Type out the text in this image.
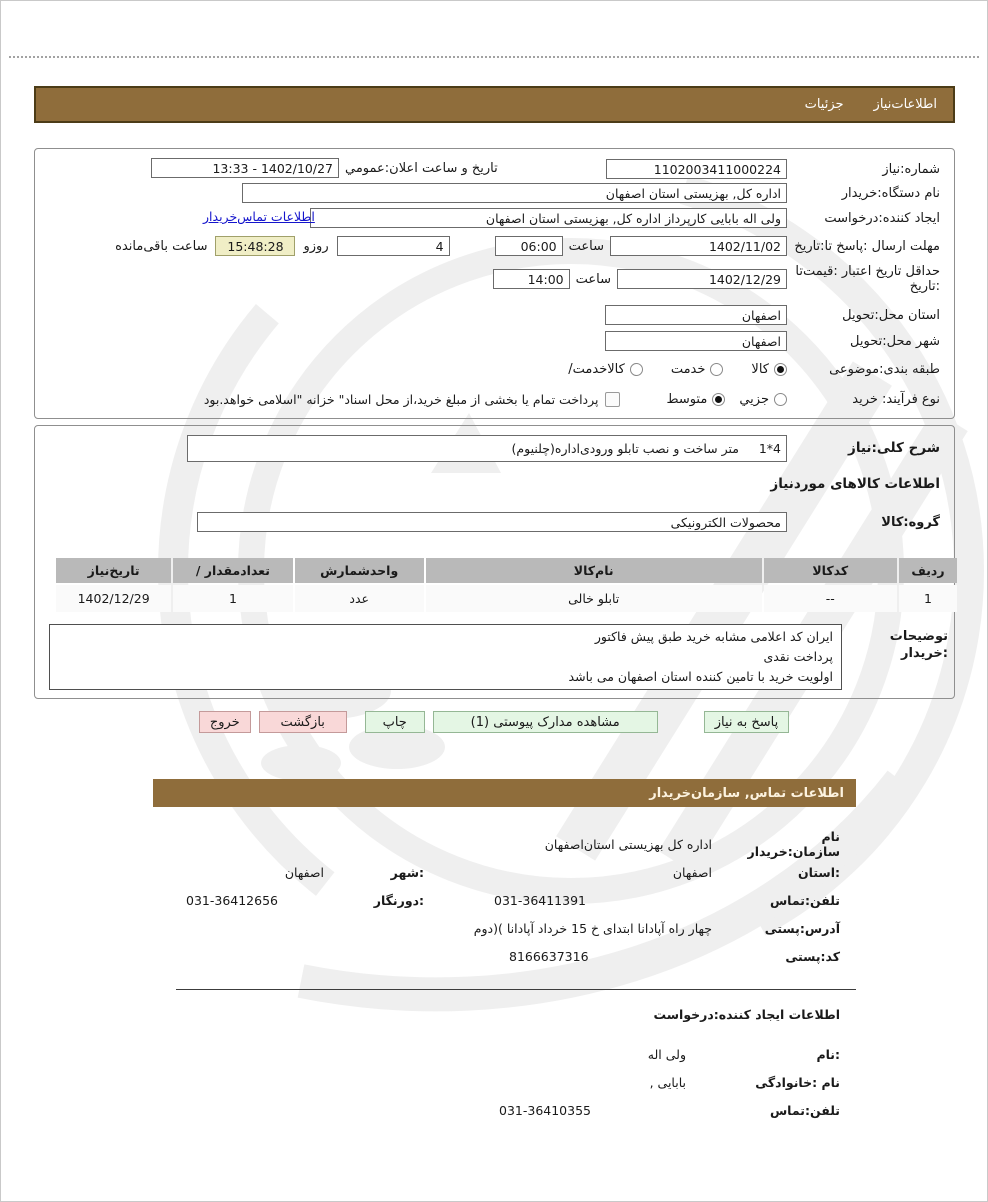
اطلاعات‌نیاز
جزئیات
شماره:نیاز
1102003411000224
تاریخ و ساعت اعلان:عمومي
1402/10/27 - 13:33
نام دستگاه:خریدار
اداره کل, بهزیستی استان اصفهان
ایجاد کننده:درخواست
ولی اله بابایی کارپرداز اداره کل, بهزیستی استان اصفهان
اطلاعات تماس‌خریدار
مهلت ارسال :پاسخ تا:تاریخ
1402/11/02
ساعت
06:00
4
روزو
15:48:28
ساعت باقی‌مانده
حداقل تاریخ اعتبار :قیمت‌تا
:تاریخ
1402/12/29
ساعت
14:00
استان محل:تحویل
اصفهان
شهر محل:تحویل
اصفهان
طبقه بندی:موضوعی
کالا
خدمت
کالاخدمت/
نوع فرآیند: خرید
جزیي
متوسط
پرداخت تمام یا بخشی از مبلغ خرید،از محل اسناد" خزانه "اسلامی خواهد.بود
شرح کلی:نیاز
4*1     متر ساخت و نصب تابلو ورودی‌اداره(چلنیوم)
اطلاعات کالاهای موردنیاز
گروه:کالا
محصولات الکترونیکی
ردیف	کدکالا	نام‌کالا	واحدشمارش	تعدادمقدار /	تاریخ‌نیاز
1	--	تابلو خالی	عدد	1	1402/12/29
توضیحات
:خریدار
ایران کد اعلامی مشابه خرید طبق پیش فاکتور
پرداخت نقدی
اولویت خرید با تامین کننده استان اصفهان می باشد
پاسخ به نیاز
مشاهده مدارک پیوستی (1)
چاپ
بازگشت
خروج
اطلاعات تماس, سازمان‌خریدار
نام سازمان:خریدار
اداره کل بهزیستی استان‌اصفهان
:استان
اصفهان
:شهر
اصفهان
تلفن:تماس
031-36411391
:دورنگار
031-36412656
آدرس:پستی
چهار راه آپادانا ابتدای خ 15 خرداد آپادانا )(دوم
کد:پستی
8166637316
اطلاعات ایجاد کننده:درخواست
:نام
ولی اله
نام :خانوادگی
بابایی ,
تلفن:تماس
031-36410355
